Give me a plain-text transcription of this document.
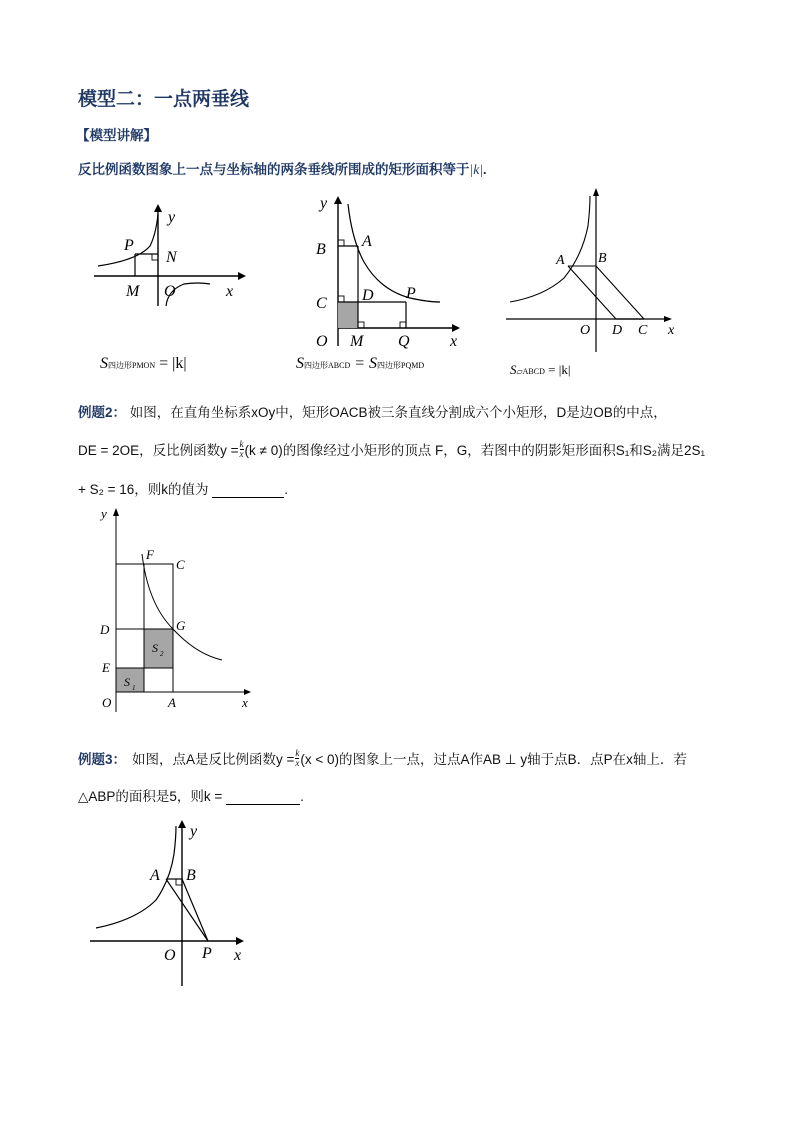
模型二：一点两垂线
【模型讲解】
反比例函数图象上一点与坐标轴的两条垂线所围成的矩形面积等于|k|.
P
N
M O	x
y
S四边形PMON = |k|
y
B A
C D P
O M Q	x
S四边形ABCD = S四边形PQMD
A B
O D C x
S▱ABCD = |k|
例题2： 如图，在直角坐标系xOy中，矩形OACB被三条直线分割成六个小矩形，D是边OB的中点，
DE = 2OE，反比例函数$y = \frac{k}{x} (k \ne 0)$的图像经过小矩形的顶点 F，G，若图中的阴影矩形面积S₁和S₂满足2S₁
+ S₂ = 16，则k的值为	.
y
F
C
D	G
S 2
E
S 1
O	A	x
例题3： 如图，点A是反比例函数$y = \frac{k}{x} (x < 0)$的图象上一点，过点A作AB ⊥ y轴于点B．点P在x轴上．若
△ABP的面积是5，则k =	.
y
A B
O P x
